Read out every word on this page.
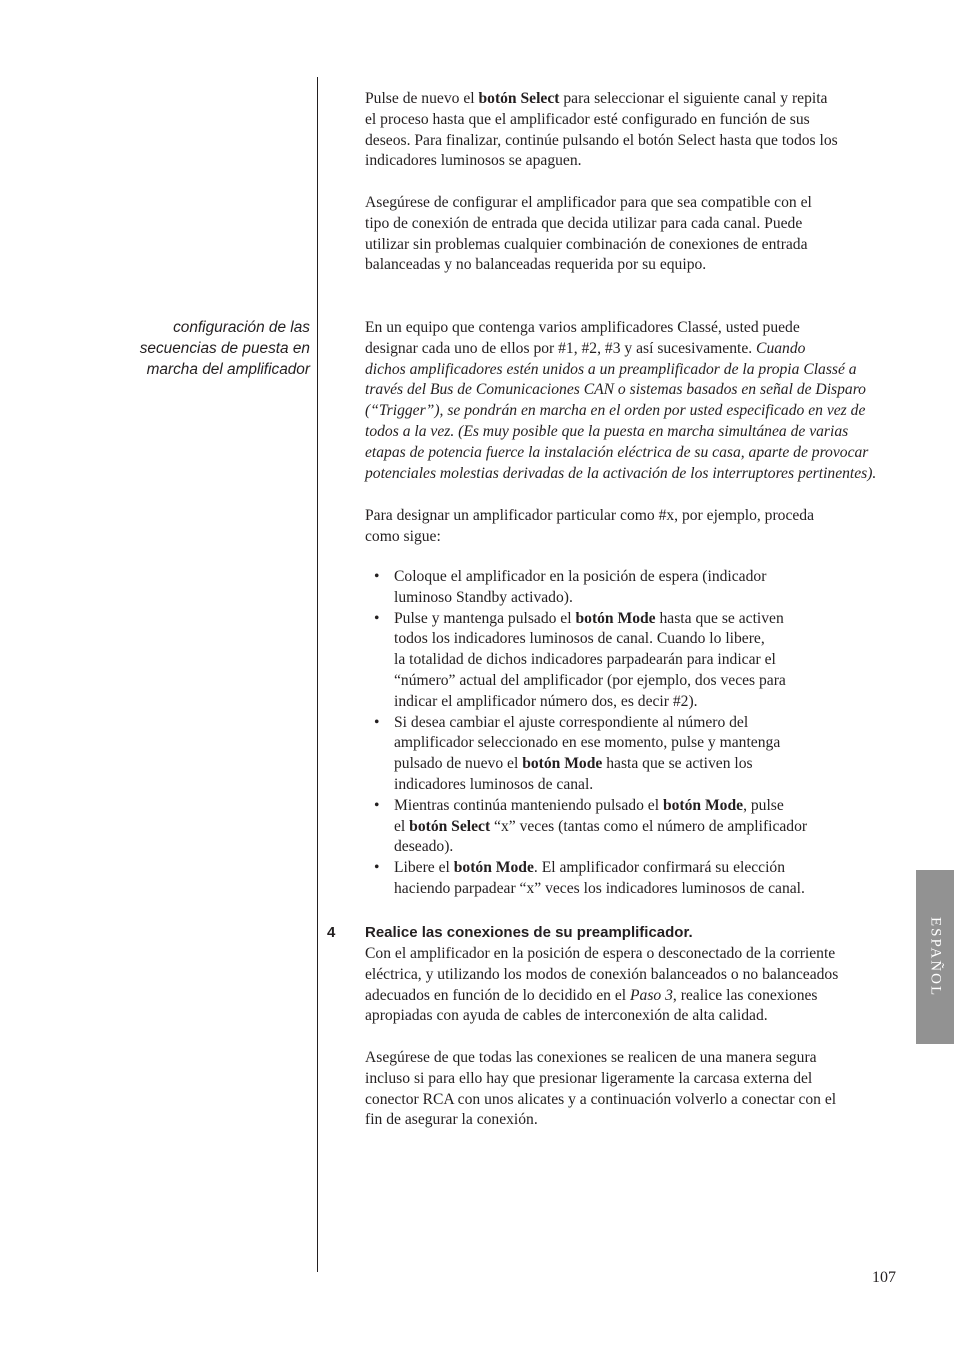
configuración de las
secuencias de puesta en
marcha del amplificador
Pulse de nuevo el botón Select para seleccionar el siguiente canal y repita
el proceso hasta que el amplificador esté configurado en función de sus
deseos. Para finalizar, continúe pulsando el botón Select hasta que todos los
indicadores luminosos se apaguen.
Asegúrese de configurar el amplificador para que sea compatible con el
tipo de conexión de entrada que decida utilizar para cada canal. Puede
utilizar sin problemas cualquier combinación de conexiones de entrada
balanceadas y no balanceadas requerida por su equipo.
En un equipo que contenga varios amplificadores Classé, usted puede
designar cada uno de ellos por #1, #2, #3 y así sucesivamente. Cuando
dichos amplificadores estén unidos a un preamplificador de la propia Classé a
través del Bus de Comunicaciones CAN o sistemas basados en señal de Disparo
(“Trigger”), se pondrán en marcha en el orden por usted especificado en vez de
todos a la vez. (Es muy posible que la puesta en marcha simultánea de varias
etapas de potencia fuerce la instalación eléctrica de su casa, aparte de provocar
potenciales molestias derivadas de la activación de los interruptores pertinentes).
Para designar un amplificador particular como #x, por ejemplo, proceda
como sigue:
• Coloque el amplificador en la posición de espera (indicador
luminoso Standby activado).
• Pulse y mantenga pulsado el botón Mode hasta que se activen
todos los indicadores luminosos de canal. Cuando lo libere,
la totalidad de dichos indicadores parpadearán para indicar el
“número” actual del amplificador (por ejemplo, dos veces para
indicar el amplificador número dos, es decir #2).
• Si desea cambiar el ajuste correspondiente al número del
amplificador seleccionado en ese momento, pulse y mantenga
pulsado de nuevo el botón Mode hasta que se activen los
indicadores luminosos de canal.
• Mientras continúa manteniendo pulsado el botón Mode, pulse
el botón Select “x” veces (tantas como el número de amplificador
deseado).
• Libere el botón Mode. El amplificador confirmará su elección
haciendo parpadear “x” veces los indicadores luminosos de canal.
4 Realice las conexiones de su preamplificador.
Con el amplificador en la posición de espera o desconectado de la corriente
eléctrica, y utilizando los modos de conexión balanceados o no balanceados
adecuados en función de lo decidido en el Paso 3, realice las conexiones
apropiadas con ayuda de cables de interconexión de alta calidad.
Asegúrese de que todas las conexiones se realicen de una manera segura
incluso si para ello hay que presionar ligeramente la carcasa externa del
conector RCA con unos alicates y a continuación volverlo a conectar con el
fin de asegurar la conexión.
ESPAÑOL
107
